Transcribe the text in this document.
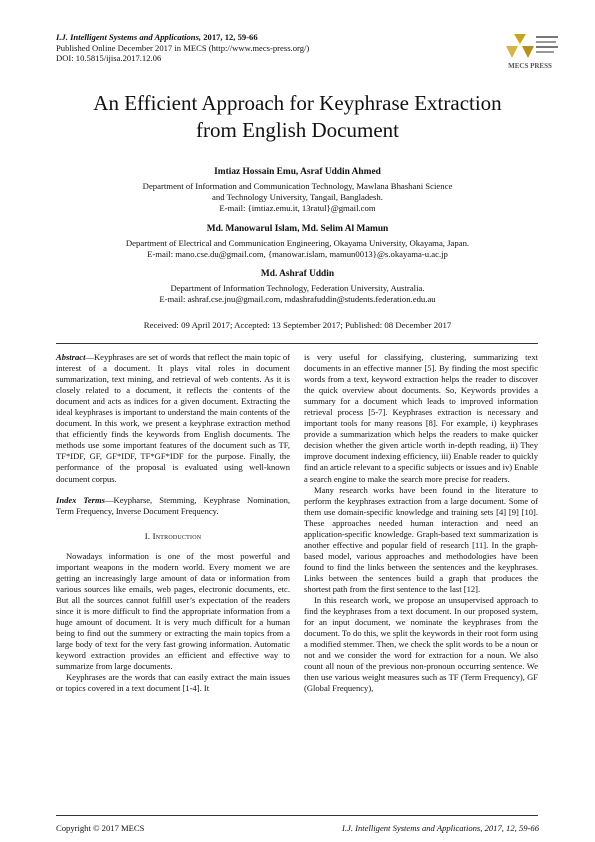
I.J. Intelligent Systems and Applications, 2017, 12, 59-66
Published Online December 2017 in MECS (http://www.mecs-press.org/)
DOI: 10.5815/ijisa.2017.12.06
MECS PRESS
An Efficient Approach for Keyphrase Extraction
from English Document
Imtiaz Hossain Emu, Asraf Uddin Ahmed
Department of Information and Communication Technology, Mawlana Bhashani Science
and Technology University, Tangail, Bangladesh.
E-mail: {imtiaz.emu.it, 13ratul}@gmail.com
Md. Manowarul Islam, Md. Selim Al Mamun
Department of Electrical and Communication Engineering, Okayama University, Okayama, Japan.
E-mail: mano.cse.du@gmail.com, {manowar.islam, mamun0013}@s.okayama-u.ac.jp
Md. Ashraf Uddin
Department of Information Technology, Federation University, Australia.
E-mail: ashraf.cse.jnu@gmail.com, mdashrafuddin@students.federation.edu.au
Received: 09 April 2017; Accepted: 13 September 2017; Published: 08 December 2017

Abstract—Keyphrases are set of words that reflect the main topic of interest of a document. It plays vital roles in document summarization, text mining, and retrieval of web contents. As it is closely related to a document, it reflects the contents of the document and acts as indices for a given document. Extracting the ideal keyphrases is important to understand the main contents of the document. In this work, we present a keyphrase extraction method that efficiently finds the keywords from English documents. The methods use some important features of the document such as TF, TF*IDF, GF, GF*IDF, TF*GF*IDF for the purpose. Finally, the performance of the proposal is evaluated using well-known document corpus.

Index Terms—Keypharse, Stemming, Keyphrase Nomination, Term Frequency, Inverse Document Frequency.

I. Introduction

Nowadays information is one of the most powerful and important weapons in the modern world. Every moment we are getting an increasingly large amount of data or information from various sources like emails, web pages, electronic documents, etc. But all the sources cannot fulfill user’s expectation of the readers since it is more difficult to find the appropriate information from a huge amount of document. It is very much difficult for a human being to find out the summery or extracting the main topics from a large body of text for the very fast growing information. Automatic keyword extraction provides an efficient and effective way to summarize from large documents.

Keyphrases are the words that can easily extract the main issues or topics covered in a text document [1-4]. It

is very useful for classifying, clustering, summarizing text documents in an effective manner [5]. By finding the most specific words from a text, keyword extraction helps the reader to discover the quick overview about documents. So, Keywords provides a summary for a document which leads to improved information retrieval process [5-7]. Keyphrases extraction is necessary and important tools for many reasons [8]. For example, i) keyphrases provide a summarization which helps the readers to make quicker decision whether the given article worth in-depth reading, ii) They improve document indexing efficiency, iii) Enable reader to quickly find an article relevant to a specific subjects or issues and iv) Enable a search engine to make the search more precise for readers.

Many research works have been found in the literature to perform the keyphrases extraction from a large document. Some of them use domain-specific knowledge and training sets [4] [9] [10]. These approaches needed human interaction and need an application-specific knowledge. Graph-based text summarization is another effective and popular field of research [11]. In the graph-based model, various approaches and methodologies have been found to find the links between the sentences and the keyphrases. Links between the sentences build a graph that produces the shortest path from the first sentence to the last [12].

In this research work, we propose an unsupervised approach to find the keyphrases from a text document. In our proposed system, for an input document, we nominate the keyphrases from the document. To do this, we split the keywords in their root form using a modified stemmer. Then, we check the split words to be a noun or not and we consider the word for extraction for a noun. We also count all noun of the previous non-pronoun occurring sentence. We then use various weight measures such as TF (Term Frequency), GF (Global Frequency),

Copyright © 2017 MECS	I.J. Intelligent Systems and Applications, 2017, 12, 59-66
